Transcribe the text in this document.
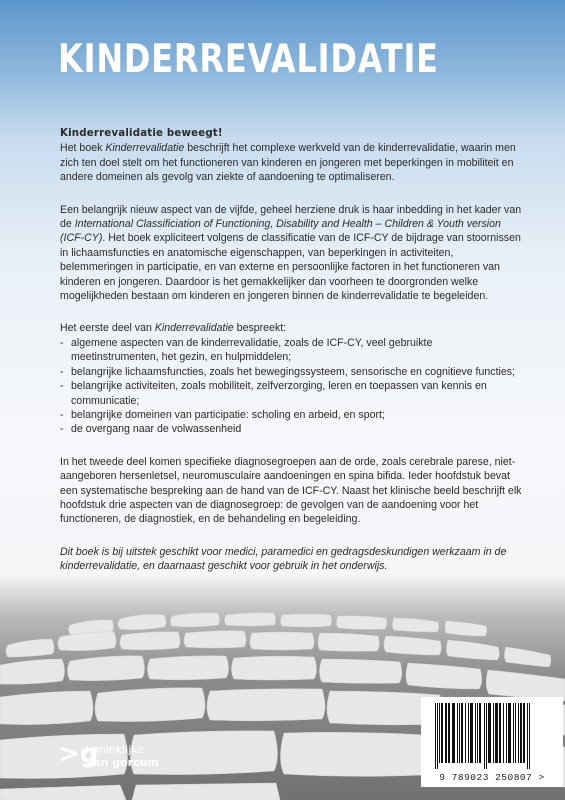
KINDERREVALIDATIE
Kinderrevalidatie beweegt!

Het boek Kinderrevalidatie beschrijft het complexe werkveld van de kinderrevalidatie, waarin men zich ten doel stelt om het functioneren van kinderen en jongeren met beperkingen in mobiliteit en andere domeinen als gevolg van ziekte of aandoening te optimaliseren.

Een belangrijk nieuw aspect van de vijfde, geheel herziene druk is haar inbedding in het kader van de International Classificiation of Functioning, Disability and Health – Children & Youth version (ICF-CY). Het boek expliciteert volgens de classificatie van de ICF-CY de bijdrage van stoornissen in lichaamsfuncties en anatomische eigenschappen, van beperkingen in activiteiten, belemmeringen in participatie, en van externe en persoonlijke factoren in het functioneren van kinderen en jongeren. Daardoor is het gemakkelijker dan voorheen te doorgronden welke mogelijkheden bestaan om kinderen en jongeren binnen de kinderrevalidatie te begeleiden.

Het eerste deel van Kinderrevalidatie bespreekt:
- algemene aspecten van de kinderrevalidatie, zoals de ICF-CY, veel gebruikte meetinstrumenten, het gezin, en hulpmiddelen;
- belangrijke lichaamsfuncties, zoals het bewegingssysteem, sensorische en cognitieve functies;
- belangrijke activiteiten, zoals mobiliteit, zelfverzorging, leren en toepassen van kennis en communicatie;
- belangrijke domeinen van participatie: scholing en arbeid, en sport;
- de overgang naar de volwassenheid

In het tweede deel komen specifieke diagnosegroepen aan de orde, zoals cerebrale parese, niet-aangeboren hersenletsel, neuromusculaire aandoeningen en spina bifida. Ieder hoofdstuk bevat een systematische bespreking aan de hand van de ICF-CY. Naast het klinische beeld beschrijft elk hoofdstuk drie aspecten van de diagnosegroep: de gevolgen van de aandoening voor het functioneren, de diagnostiek, en de behandeling en begeleiding.

Dit boek is bij uitstek geschikt voor medici, paramedici en gedragsdeskundigen werkzaam in de kinderrevalidatie, en daarnaast geschikt voor gebruik in het onderwijs.

>g
koninklijke
van gorcum
9 789023 250807 >
